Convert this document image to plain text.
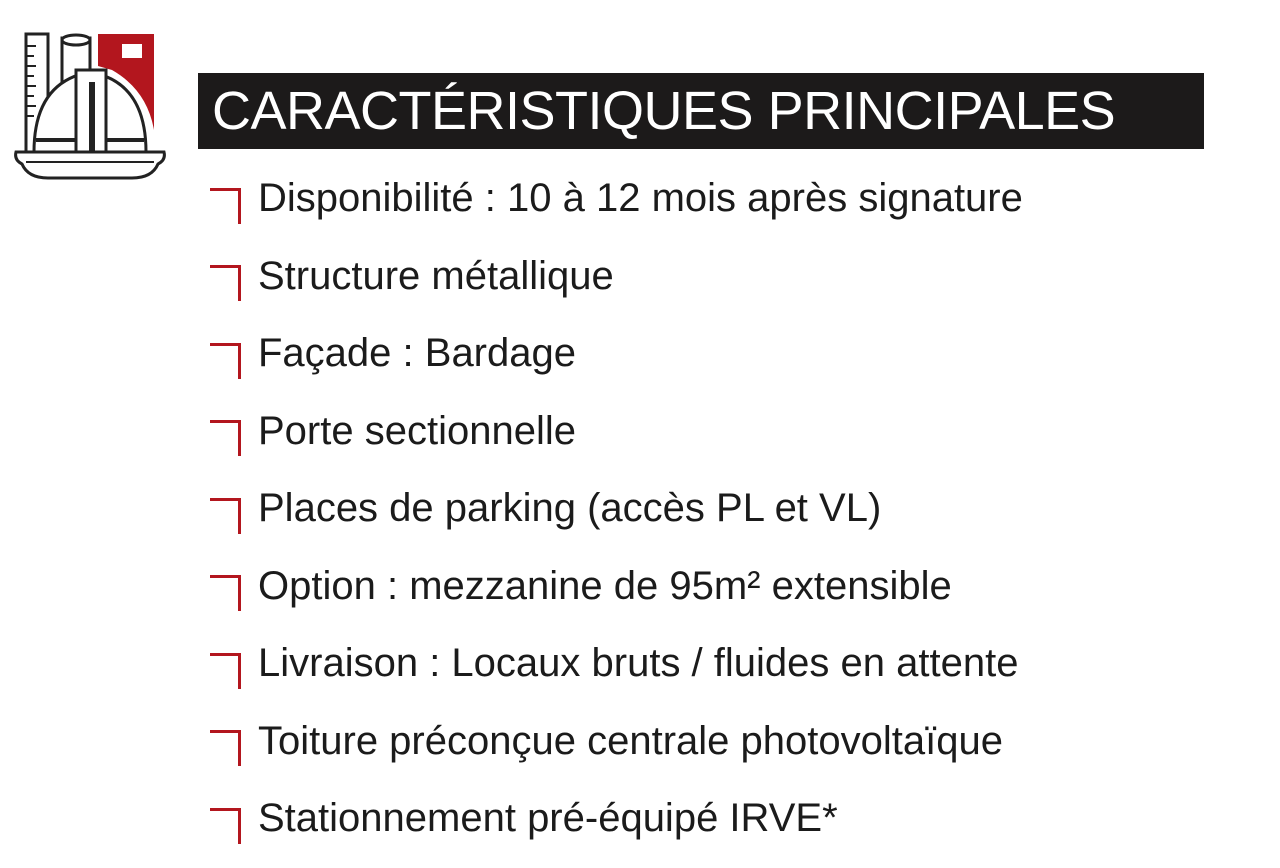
CARACTÉRISTIQUES PRINCIPALES
Disponibilité : 10 à 12 mois après signature
Structure métallique
Façade : Bardage
Porte sectionnelle
Places de parking (accès PL et VL)
Option : mezzanine de 95m² extensible
Livraison : Locaux bruts / fluides en attente
Toiture préconçue centrale photovoltaïque
Stationnement pré-équipé IRVE*
